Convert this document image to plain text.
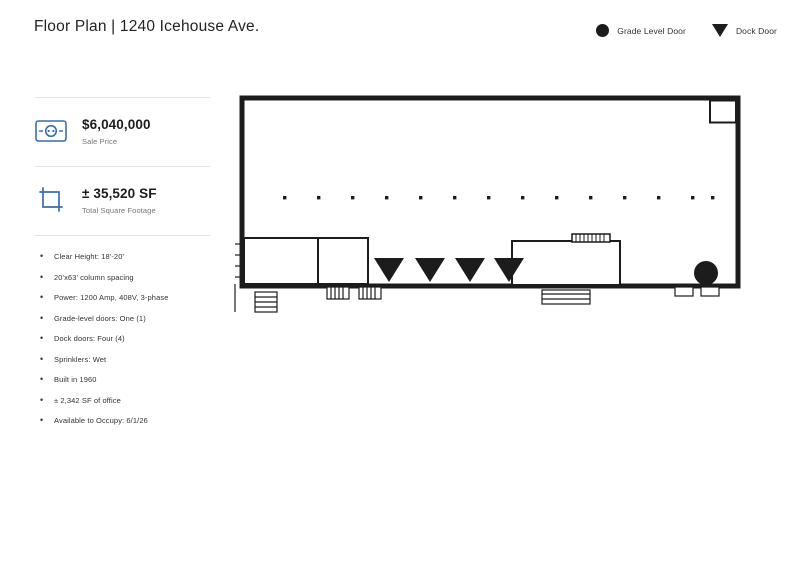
Floor Plan | 1240 Icehouse Ave.	Grade Level Door	Dock Door
$6,040,000
Sale Price
± 35,520 SF
Total Square Footage
• Clear Height: 18'-20'
• 20'x63' column spacing
• Power: 1200 Amp, 408V, 3-phase
• Grade-level doors: One (1)
• Dock doors: Four (4)
• Sprinklers: Wet
• Built in 1960
• ± 2,342 SF of office
• Available to Occupy: 6/1/26
